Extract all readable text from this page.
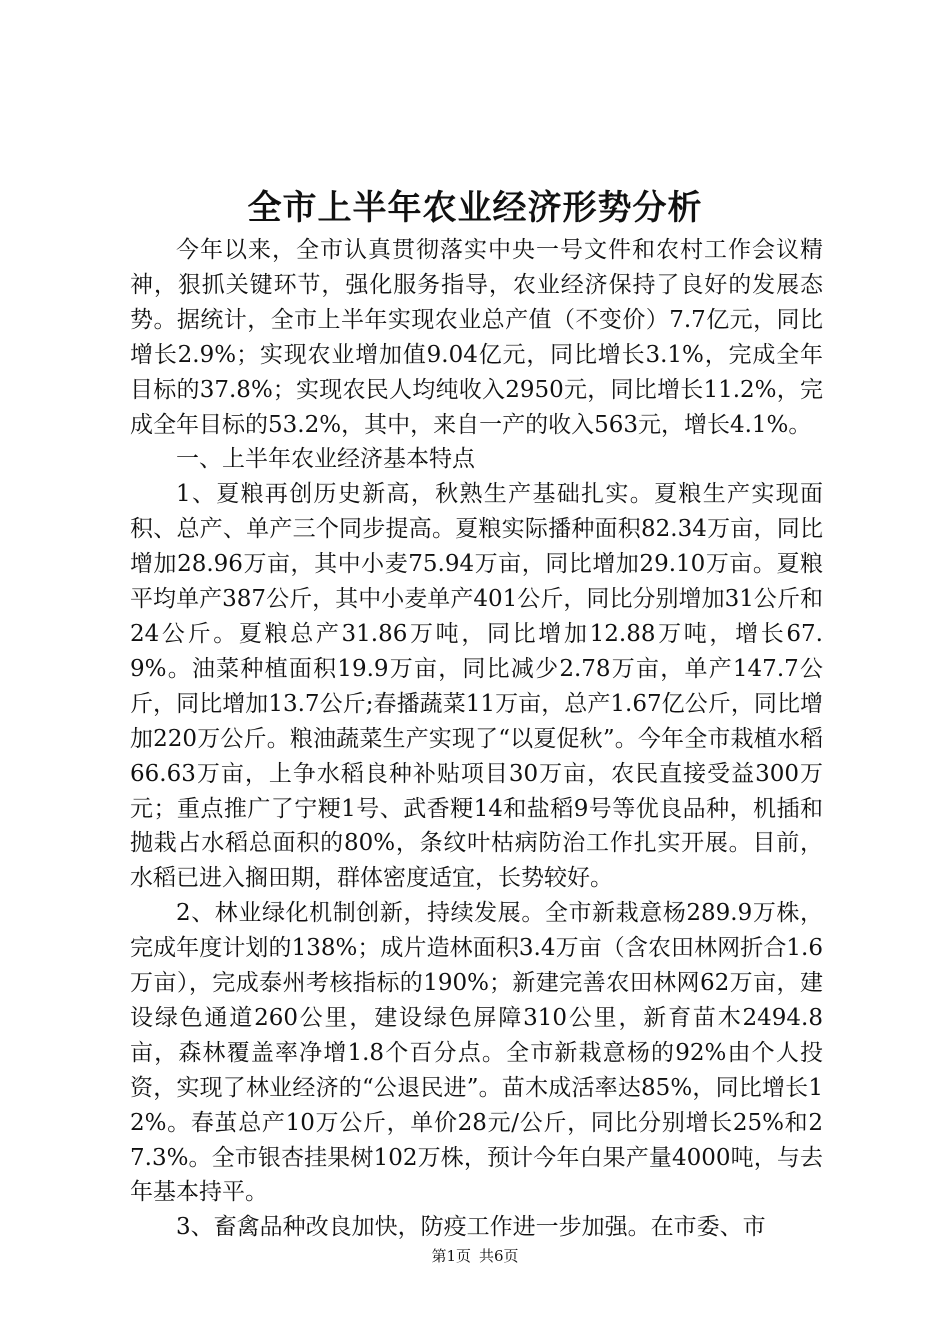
全市上半年农业经济形势分析

今年以来，全市认真贯彻落实中央一号文件和农村工作会议精神，狠抓关键环节，强化服务指导，农业经济保持了良好的发展态势。据统计，全市上半年实现农业总产值（不变价）7.7亿元，同比增长2.9%；实现农业增加值9.04亿元，同比增长3.1%，完成全年目标的37.8%；实现农民人均纯收入2950元，同比增长11.2%，完成全年目标的53.2%，其中，来自一产的收入563元，增长4.1%。

一、上半年农业经济基本特点

1、夏粮再创历史新高，秋熟生产基础扎实。夏粮生产实现面积、总产、单产三个同步提高。夏粮实际播种面积82.34万亩，同比增加28.96万亩，其中小麦75.94万亩，同比增加29.10万亩。夏粮平均单产387公斤，其中小麦单产401公斤，同比分别增加31公斤和24公斤。夏粮总产31.86万吨，同比增加12.88万吨，增长67.9%。油菜种植面积19.9万亩，同比减少2.78万亩，单产147.7公斤，同比增加13.7公斤;春播蔬菜11万亩，总产1.67亿公斤，同比增加220万公斤。粮油蔬菜生产实现了“以夏促秋”。今年全市栽植水稻66.63万亩，上争水稻良种补贴项目30万亩，农民直接受益300万元；重点推广了宁粳1号、武香粳14和盐稻9号等优良品种，机插和抛栽占水稻总面积的80%，条纹叶枯病防治工作扎实开展。目前，水稻已进入搁田期，群体密度适宜，长势较好。

2、林业绿化机制创新，持续发展。全市新栽意杨289.9万株，完成年度计划的138%；成片造林面积3.4万亩（含农田林网折合1.6万亩），完成泰州考核指标的190%；新建完善农田林网62万亩，建设绿色通道260公里，建设绿色屏障310公里，新育苗木2494.8亩，森林覆盖率净增1.8个百分点。全市新栽意杨的92%由个人投资，实现了林业经济的“公退民进”。苗木成活率达85%，同比增长12%。春茧总产10万公斤，单价28元/公斤，同比分别增长25%和27.3%。全市银杏挂果树102万株，预计今年白果产量4000吨，与去年基本持平。

3、畜禽品种改良加快，防疫工作进一步加强。在市委、市

第1页 共6页
